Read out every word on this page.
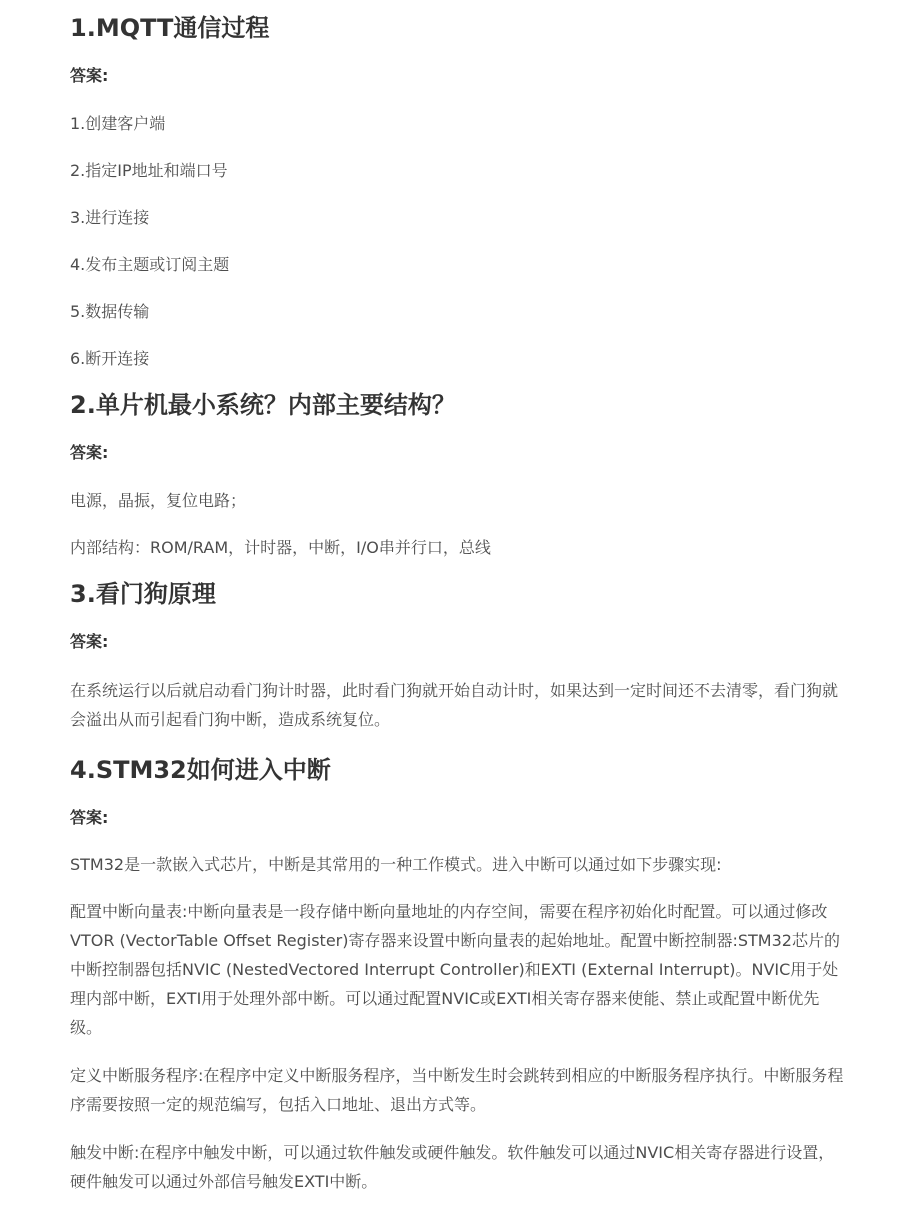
1.MQTT通信过程

答案:

1.创建客户端

2.指定IP地址和端口号

3.进行连接

4.发布主题或订阅主题

5.数据传输

6.断开连接

2.单片机最小系统？内部主要结构？

答案:

电源，晶振，复位电路；

内部结构：ROM/RAM，计时器，中断，I/O串并行口，总线

3.看门狗原理

答案:

在系统运行以后就启动看门狗计时器，此时看门狗就开始自动计时，如果达到一定时间还不去清零，看门狗就会溢出从而引起看门狗中断，造成系统复位。

4.STM32如何进入中断

答案:

STM32是一款嵌入式芯片，中断是其常用的一种工作模式。进入中断可以通过如下步骤实现:

配置中断向量表:中断向量表是一段存储中断向量地址的内存空间，需要在程序初始化时配置。可以通过修改VTOR (VectorTable Offset Register)寄存器来设置中断向量表的起始地址。配置中断控制器:STM32芯片的中断控制器包括NVIC (NestedVectored Interrupt Controller)和EXTI (External Interrupt)。NVIC用于处理内部中断，EXTI用于处理外部中断。可以通过配置NVIC或EXTI相关寄存器来使能、禁止或配置中断优先级。

定义中断服务程序:在程序中定义中断服务程序，当中断发生时会跳转到相应的中断服务程序执行。中断服务程序需要按照一定的规范编写，包括入口地址、退出方式等。

触发中断:在程序中触发中断，可以通过软件触发或硬件触发。软件触发可以通过NVIC相关寄存器进行设置，硬件触发可以通过外部信号触发EXTI中断。
